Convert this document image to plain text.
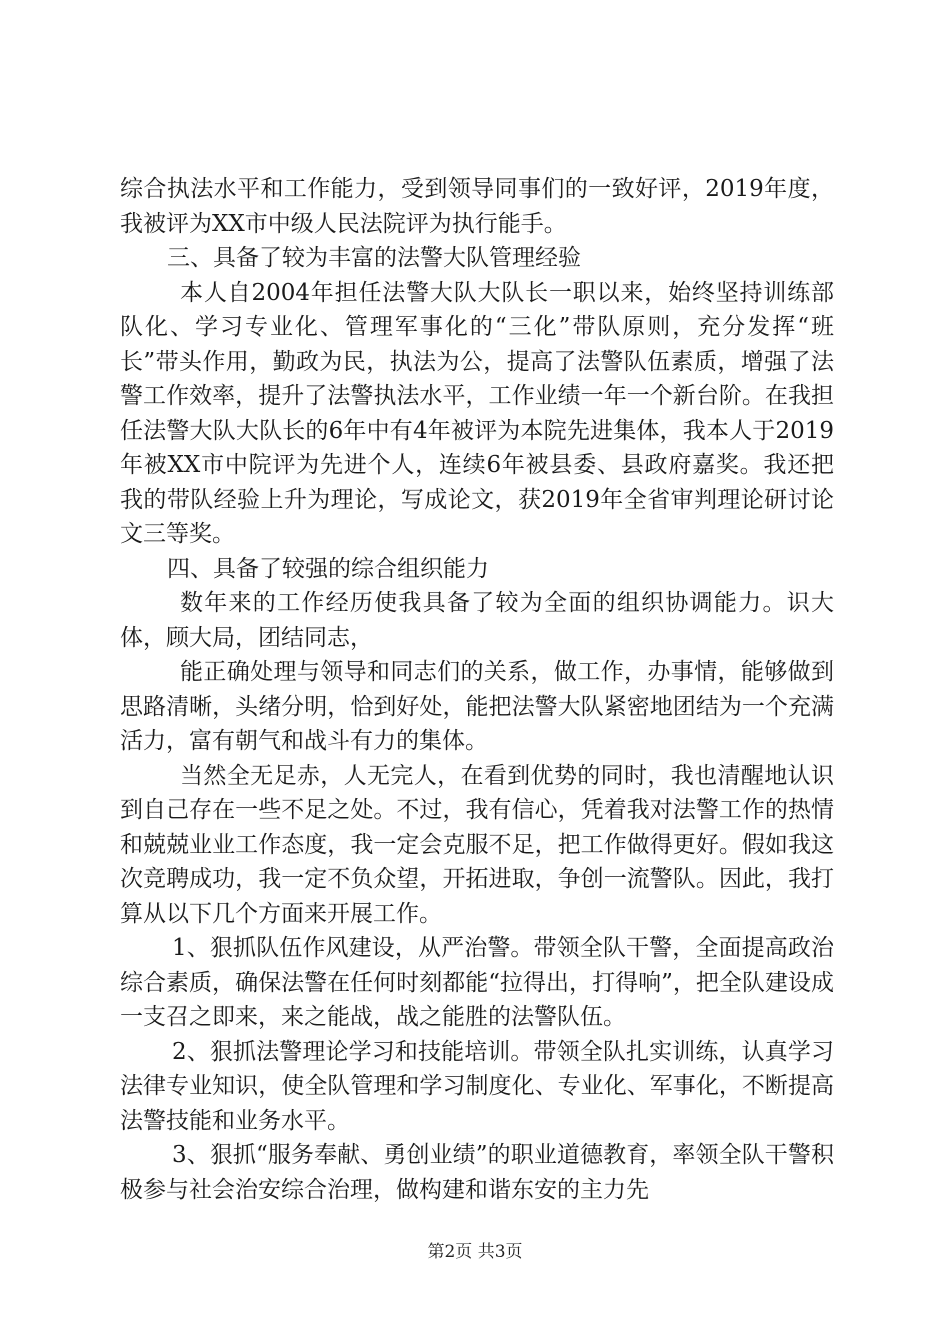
综合执法水平和工作能力，受到领导同事们的一致好评，2019年度，我被评为XX市中级人民法院评为执行能手。

三、具备了较为丰富的法警大队管理经验

本人自2004年担任法警大队大队长一职以来，始终坚持训练部队化、学习专业化、管理军事化的“三化”带队原则，充分发挥“班长”带头作用，勤政为民，执法为公，提高了法警队伍素质，增强了法警工作效率，提升了法警执法水平，工作业绩一年一个新台阶。在我担任法警大队大队长的6年中有4年被评为本院先进集体，我本人于2019年被XX市中院评为先进个人，连续6年被县委、县政府嘉奖。我还把我的带队经验上升为理论，写成论文，获2019年全省审判理论研讨论文三等奖。

四、具备了较强的综合组织能力

数年来的工作经历使我具备了较为全面的组织协调能力。识大体，顾大局，团结同志，

能正确处理与领导和同志们的关系，做工作，办事情，能够做到思路清晰，头绪分明，恰到好处，能把法警大队紧密地团结为一个充满活力，富有朝气和战斗有力的集体。

当然全无足赤，人无完人，在看到优势的同时，我也清醒地认识到自己存在一些不足之处。不过，我有信心，凭着我对法警工作的热情和兢兢业业工作态度，我一定会克服不足，把工作做得更好。假如我这次竞聘成功，我一定不负众望，开拓进取，争创一流警队。因此，我打算从以下几个方面来开展工作。

1、狠抓队伍作风建设，从严治警。带领全队干警，全面提高政治综合素质，确保法警在任何时刻都能“拉得出，打得响”，把全队建设成一支召之即来，来之能战，战之能胜的法警队伍。

2、狠抓法警理论学习和技能培训。带领全队扎实训练，认真学习法律专业知识，使全队管理和学习制度化、专业化、军事化，不断提高法警技能和业务水平。

3、狠抓“服务奉献、勇创业绩”的职业道德教育，率领全队干警积极参与社会治安综合治理，做构建和谐东安的主力先

第2页 共3页
